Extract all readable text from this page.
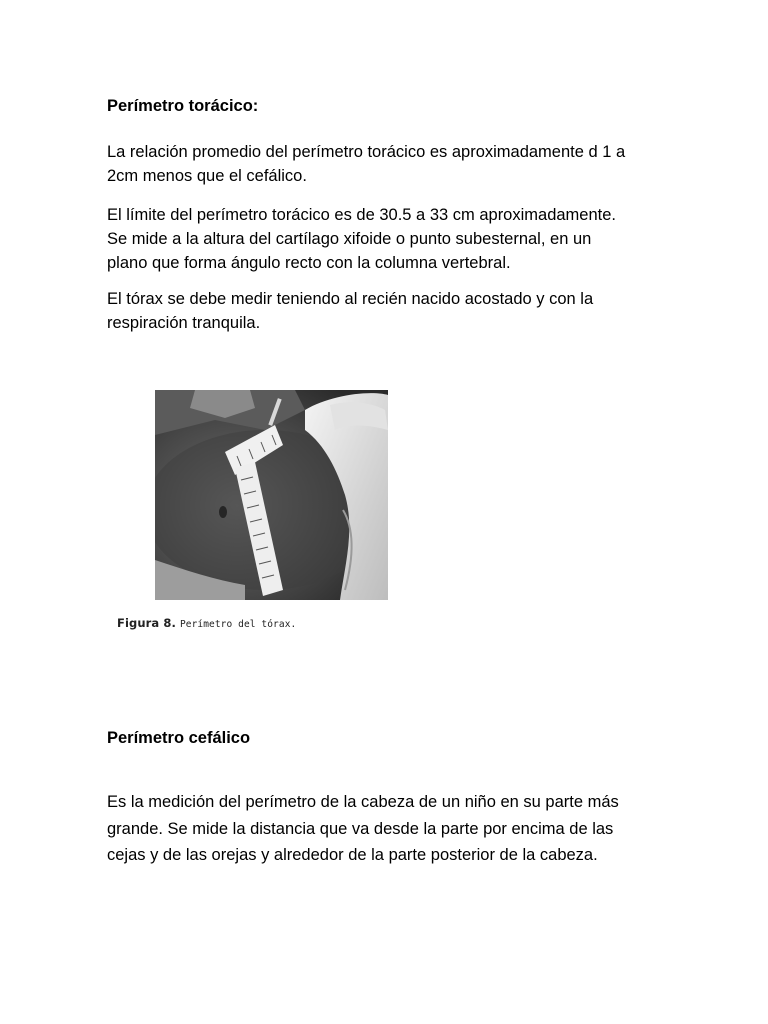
Perímetro torácico:
La relación promedio del perímetro torácico es aproximadamente d 1 a
2cm menos que el cefálico.
El límite del perímetro torácico es de 30.5 a 33 cm aproximadamente.
Se mide a la altura del cartílago xifoide o punto subesternal, en un
plano que forma ángulo recto con la columna vertebral.
El tórax se debe medir teniendo al recién nacido acostado y con la
respiración tranquila.
Figura 8. Perímetro del tórax.
Perímetro cefálico
Es la medición del perímetro de la cabeza de un niño en su parte más
grande. Se mide la distancia que va desde la parte por encima de las
cejas y de las orejas y alrededor de la parte posterior de la cabeza.
